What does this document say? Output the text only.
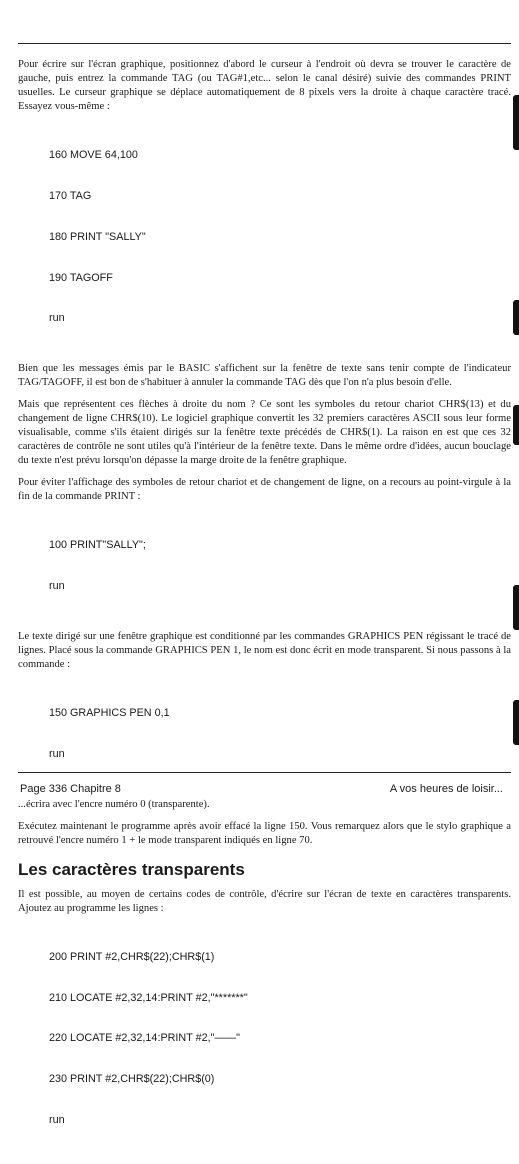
Pour écrire sur l'écran graphique, positionnez d'abord le curseur à l'endroit où devra se trouver le caractère de gauche, puis entrez la commande TAG (ou TAG#1,etc... selon le canal désiré) suivie des commandes PRINT usuelles. Le curseur graphique se déplace automatiquement de 8 pixels vers la droite à chaque caractère tracé. Essayez vous-même :

160 MOVE 64,100

170 TAG

180 PRINT "SALLY"

190 TAGOFF

run

Bien que les messages émis par le BASIC s'affichent sur la fenêtre de texte sans tenir compte de l'indicateur TAG/TAGOFF, il est bon de s'habituer à annuler la commande TAG dès que l'on n'a plus besoin d'elle.

Mais que représentent ces flèches à droite du nom ? Ce sont les symboles du retour chariot CHR$(13) et du changement de ligne CHR$(10). Le logiciel graphique convertit les 32 premiers caractères ASCII sous leur forme visualisable, comme s'ils étaient dirigés sur la fenêtre texte précédés de CHR$(1). La raison en est que ces 32 caractères de contrôle ne sont utiles qu'à l'intérieur de la fenêtre texte. Dans le même ordre d'idées, aucun bouclage du texte n'est prévu lorsqu'on dépasse la marge droite de la fenêtre graphique.

Pour éviter l'affichage des symboles de retour chariot et de changement de ligne, on a recours au point-virgule à la fin de la commande PRINT :

100 PRINT"SALLY";

run

Le texte dirigé sur une fenêtre graphique est conditionné par les commandes GRAPHICS PEN régissant le tracé de lignes. Placé sous la commande GRAPHICS PEN 1, le nom est donc écrit en mode transparent. Si nous passons à la commande :

150 GRAPHICS PEN 0,1

run

...écrira avec l'encre numéro 0 (transparente).

Exécutez maintenant le programme après avoir effacé la ligne 150. Vous remarquez alors que le stylo graphique a retrouvé l'encre numéro 1 + le mode transparent indiqués en ligne 70.

Les caractères transparents

Il est possible, au moyen de certains codes de contrôle, d'écrire sur l'écran de texte en caractères transparents. Ajoutez au programme les lignes :

200 PRINT #2,CHR$(22);CHR$(1)

210 LOCATE #2,32,14:PRINT #2,"*******"

220 LOCATE #2,32,14:PRINT #2,"——"

230 PRINT #2,CHR$(22);CHR$(0)

run

Page 336 Chapitre 8	A vos heures de loisir...
